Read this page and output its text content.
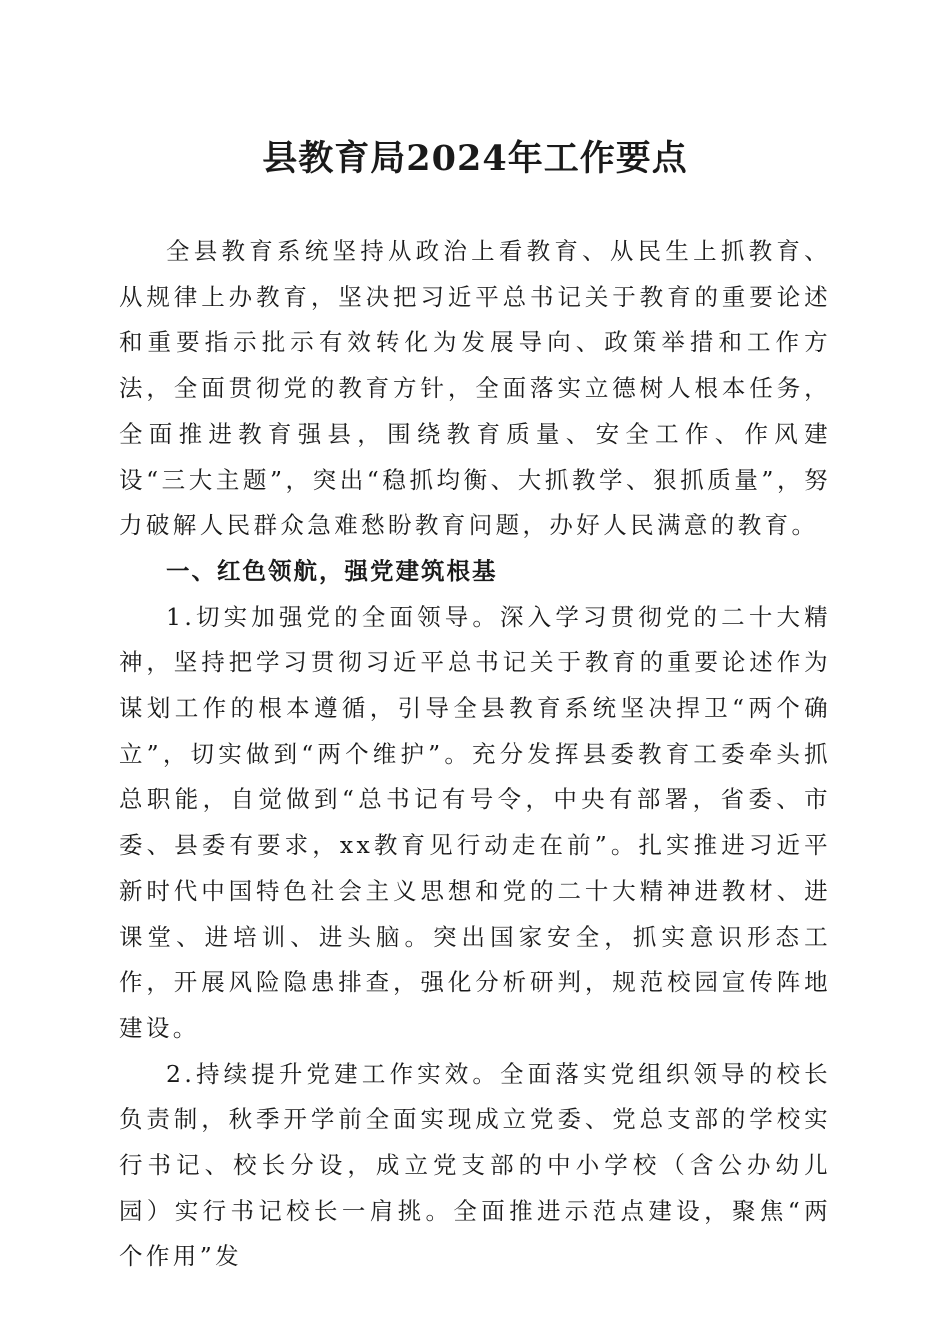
县教育局2024年工作要点

全县教育系统坚持从政治上看教育、从民生上抓教育、从规律上办教育，坚决把习近平总书记关于教育的重要论述和重要指示批示有效转化为发展导向、政策举措和工作方法，全面贯彻党的教育方针，全面落实立德树人根本任务，全面推进教育强县，围绕教育质量、安全工作、作风建设“三大主题”，突出“稳抓均衡、大抓教学、狠抓质量”，努力破解人民群众急难愁盼教育问题，办好人民满意的教育。

一、红色领航，强党建筑根基

1.切实加强党的全面领导。深入学习贯彻党的二十大精神，坚持把学习贯彻习近平总书记关于教育的重要论述作为谋划工作的根本遵循，引导全县教育系统坚决捍卫“两个确立”，切实做到“两个维护”。充分发挥县委教育工委牵头抓总职能，自觉做到“总书记有号令，中央有部署，省委、市委、县委有要求，xx教育见行动走在前”。扎实推进习近平新时代中国特色社会主义思想和党的二十大精神进教材、进课堂、进培训、进头脑。突出国家安全，抓实意识形态工作，开展风险隐患排查，强化分析研判，规范校园宣传阵地建设。

2.持续提升党建工作实效。全面落实党组织领导的校长负责制，秋季开学前全面实现成立党委、党总支部的学校实行书记、校长分设，成立党支部的中小学校（含公办幼儿园）实行书记校长一肩挑。全面推进示范点建设，聚焦“两个作用”发
